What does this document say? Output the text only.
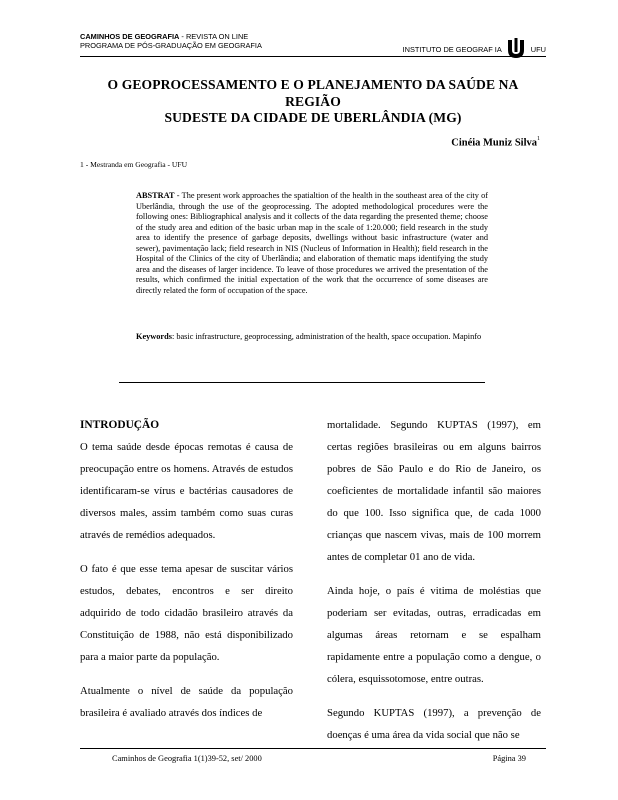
CAMINHOS DE GEOGRAFIA - REVISTA ON LINE
PROGRAMA DE PÓS-GRADUAÇÃO EM GEOGRAFIA	INSTITUTO DE GEOGRAF IA	UFU
O GEOPROCESSAMENTO E O PLANEJAMENTO DA SAÚDE NA REGIÃO
SUDESTE DA CIDADE DE UBERLÂNDIA (MG)
Cinéia Muniz Silva$^1$
1 - Mestranda em Geografia - UFU
ABSTRAT - The present work approaches the spatialtion of the health in the southeast area of the city of Uberlândia, through the use of the geoprocessing. The adopted methodological procedures were the following ones: Bibliographical analysis and it collects of the data regarding the presented theme; choose of the study area and edition of the basic urban map in the scale of 1:20.000; field research in the study area to identify the presence of garbage deposits, dwellings without basic infrastructure (water and sewer), pavimentação lack; field research in NIS (Nucleus of Information in Health); field research in the Hospital of the Clinics of the city of Uberlândia; and elaboration of thematic maps identifying the study area and the diseases of larger incidence. To leave of those procedures we arrived the presentation of the results, which confirmed the initial expectation of the work that the occurrence of some diseases are directly related the form of occupation of the space.
Keywords: basic infrastructure, geoprocessing, administration of the health, space occupation. Mapinfo
INTRODUÇÃO

O tema saúde desde épocas remotas é causa de preocupação entre os homens. Através de estudos identificaram-se vírus e bactérias causadores de diversos males, assim também como suas curas através de remédios adequados.

O fato é que esse tema apesar de suscitar vários estudos, debates, encontros e ser direito adquirido de todo cidadão brasileiro através da Constituição de 1988, não está disponibilizado para a maior parte da população.

Atualmente o nível de saúde da população brasileira é avaliado através dos índices de

mortalidade. Segundo KUPTAS (1997), em certas regiões brasileiras ou em alguns bairros pobres de São Paulo e do Rio de Janeiro, os coeficientes de mortalidade infantil são maiores do que 100. Isso significa que, de cada 1000 crianças que nascem vivas, mais de 100 morrem antes de completar 01 ano de vida.

Ainda hoje, o país é vitima de moléstias que poderiam ser evitadas, outras, erradicadas em algumas áreas retornam e se espalham rapidamente entre a população como a dengue, o cólera, esquissotomose, entre outras.

Segundo KUPTAS (1997), a prevenção de doenças é uma área da vida social que não se

Caminhos de Geografia 1(1)39-52, set/ 2000	Página 39
